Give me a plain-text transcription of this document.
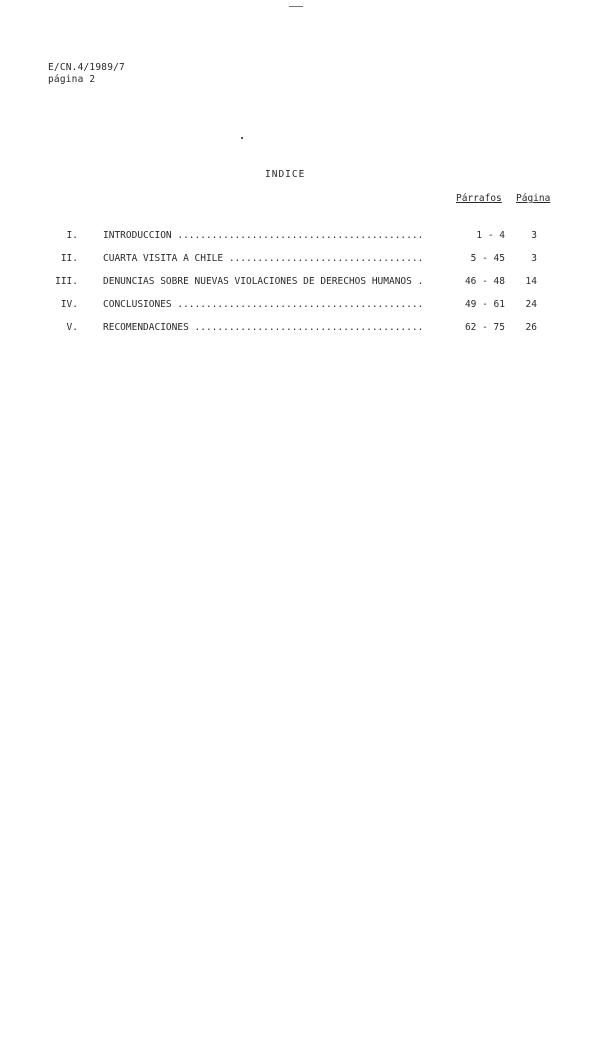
E/CN.4/1989/7
página 2
INDICE
Párrafos Página
I.	INTRODUCCION ...........................................	1 - 4	3
II.	CUARTA VISITA A CHILE ..................................	5 - 45	3
III.	DENUNCIAS SOBRE NUEVAS VIOLACIONES DE DERECHOS HUMANOS .	46 - 48	14
IV.	CONCLUSIONES ...........................................	49 - 61	24
V.	RECOMENDACIONES ........................................	62 - 75	26
